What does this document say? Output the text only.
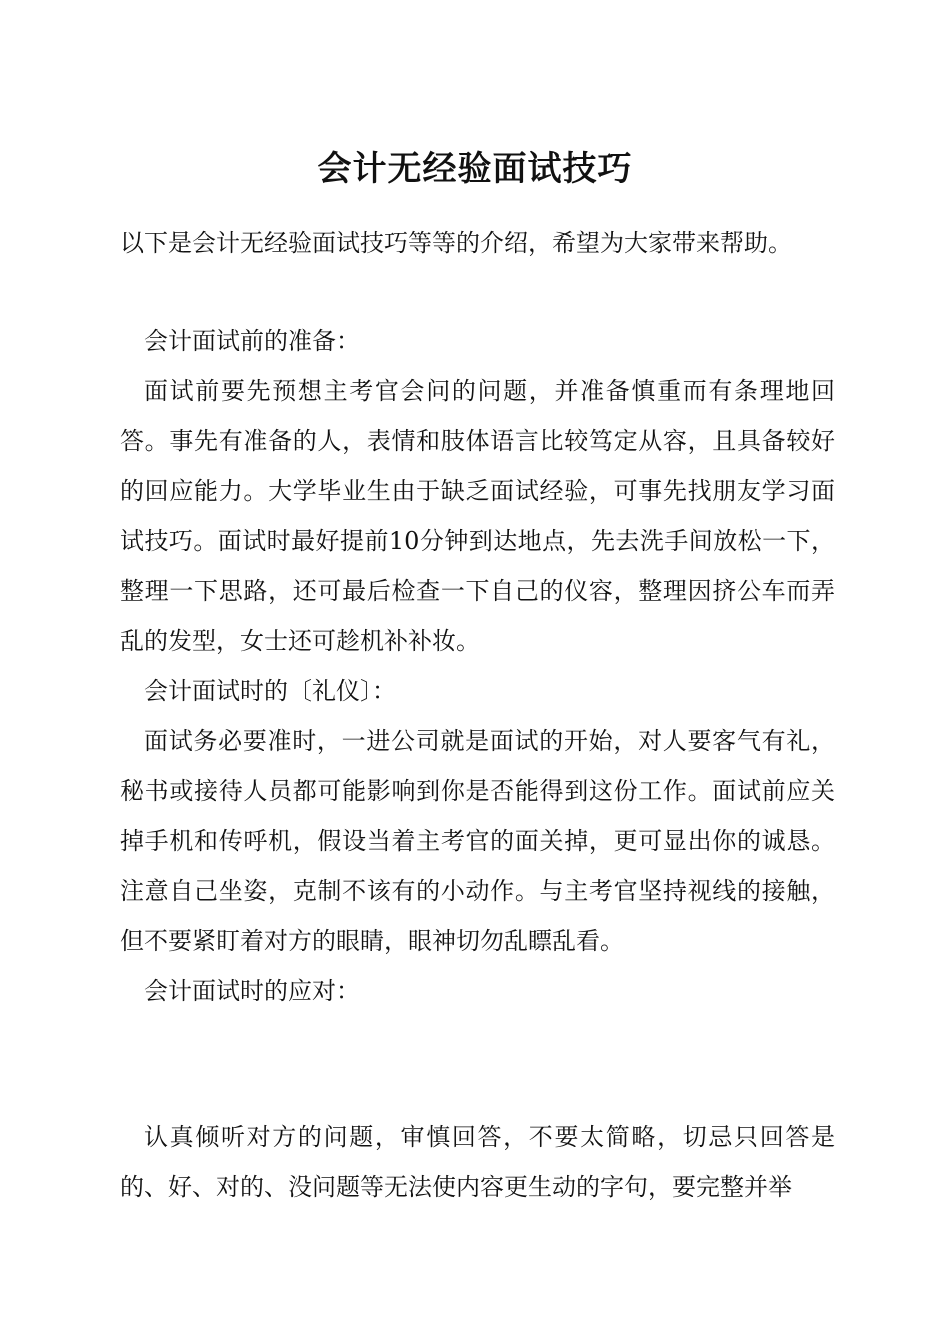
会计无经验面试技巧
以下是会计无经验面试技巧等等的介绍，希望为大家带来帮助。

会计面试前的准备：

面试前要先预想主考官会问的问题，并准备慎重而有条理地回答。事先有准备的人，表情和肢体语言比较笃定从容，且具备较好的回应能力。大学毕业生由于缺乏面试经验，可事先找朋友学习面试技巧。面试时最好提前10分钟到达地点，先去洗手间放松一下，整理一下思路，还可最后检查一下自己的仪容，整理因挤公车而弄乱的发型，女士还可趁机补补妆。

会计面试时的〔礼仪〕：

面试务必要准时，一进公司就是面试的开始，对人要客气有礼，秘书或接待人员都可能影响到你是否能得到这份工作。面试前应关掉手机和传呼机，假设当着主考官的面关掉，更可显出你的诚恳。注意自己坐姿，克制不该有的小动作。与主考官坚持视线的接触，但不要紧盯着对方的眼睛，眼神切勿乱瞟乱看。

会计面试时的应对：

认真倾听对方的问题，审慎回答，不要太简略，切忌只回答是的、好、对的、没问题等无法使内容更生动的字句，要完整并举
